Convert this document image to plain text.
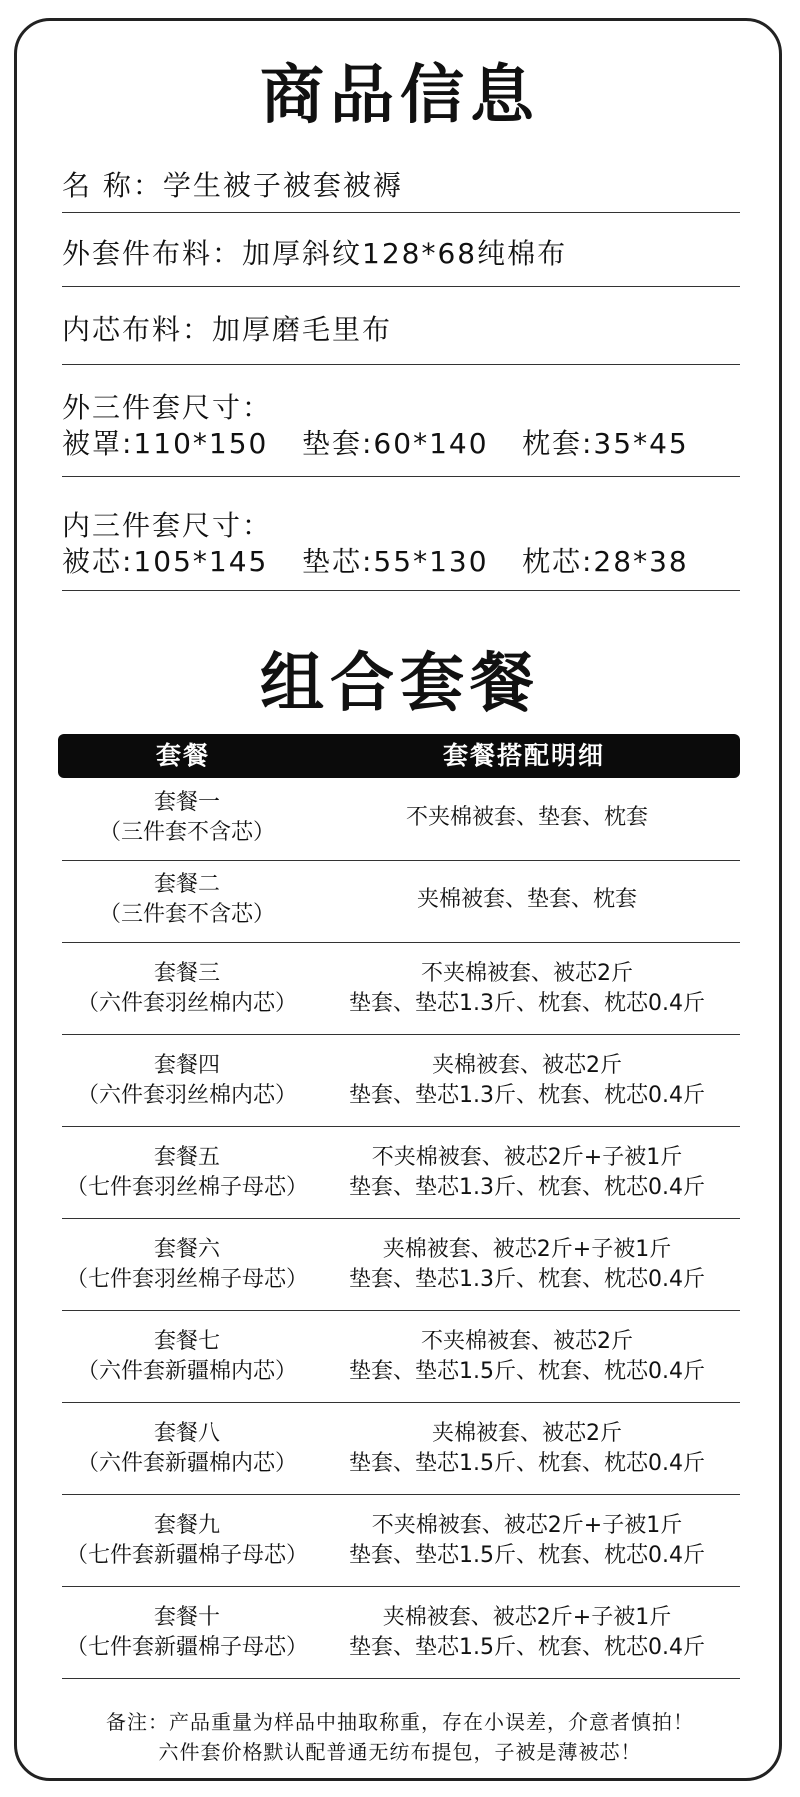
商品信息
名 称：学生被子被套被褥
外套件布料：加厚斜纹128*68纯棉布
内芯布料：加厚磨毛里布
外三件套尺寸：
被罩:110*150 垫套:60*140 枕套:35*45
内三件套尺寸：
被芯:105*145 垫芯:55*130 枕芯:28*38
组合套餐
套餐	套餐搭配明细
套餐一
（三件套不含芯）
不夹棉被套、垫套、枕套
套餐二
（三件套不含芯）
夹棉被套、垫套、枕套
套餐三
（六件套羽丝棉内芯）
不夹棉被套、被芯2斤
垫套、垫芯1.3斤、枕套、枕芯0.4斤
套餐四
（六件套羽丝棉内芯）
夹棉被套、被芯2斤
垫套、垫芯1.3斤、枕套、枕芯0.4斤
套餐五
（七件套羽丝棉子母芯）
不夹棉被套、被芯2斤+子被1斤
垫套、垫芯1.3斤、枕套、枕芯0.4斤
套餐六
（七件套羽丝棉子母芯）
夹棉被套、被芯2斤+子被1斤
垫套、垫芯1.3斤、枕套、枕芯0.4斤
套餐七
（六件套新疆棉内芯）
不夹棉被套、被芯2斤
垫套、垫芯1.5斤、枕套、枕芯0.4斤
套餐八
（六件套新疆棉内芯）
夹棉被套、被芯2斤
垫套、垫芯1.5斤、枕套、枕芯0.4斤
套餐九
（七件套新疆棉子母芯）
不夹棉被套、被芯2斤+子被1斤
垫套、垫芯1.5斤、枕套、枕芯0.4斤
套餐十
（七件套新疆棉子母芯）
夹棉被套、被芯2斤+子被1斤
垫套、垫芯1.5斤、枕套、枕芯0.4斤
备注：产品重量为样品中抽取称重，存在小误差，介意者慎拍！
六件套价格默认配普通无纺布提包，子被是薄被芯！
